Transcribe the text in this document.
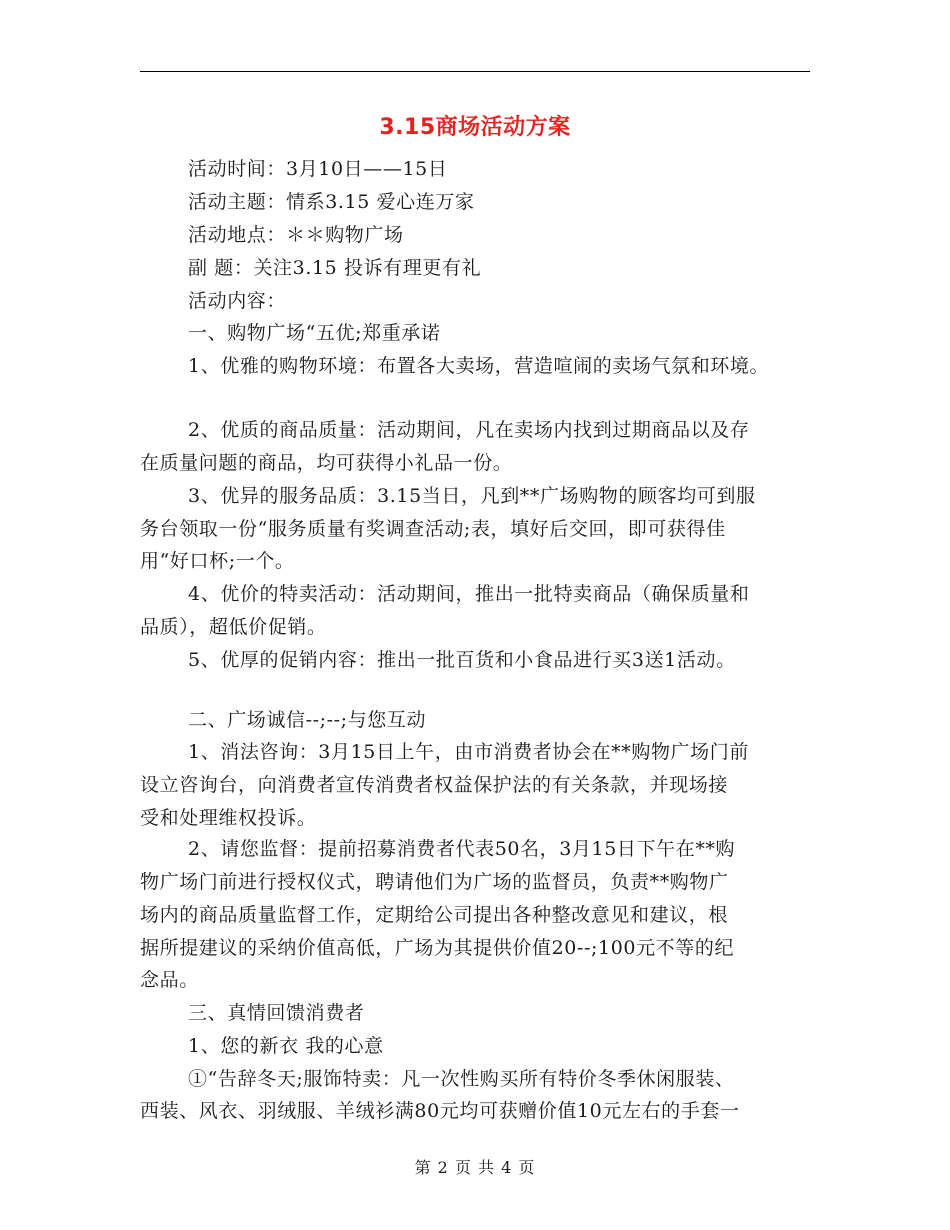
3.15商场活动方案
活动时间：3月10日——15日
活动主题：情系3.15 爱心连万家
活动地点：＊＊购物广场
副 题：关注3.15 投诉有理更有礼
活动内容：
一、购物广场“五优;郑重承诺
1、优雅的购物环境：布置各大卖场，营造喧闹的卖场气氛和环境。
2、优质的商品质量：活动期间，凡在卖场内找到过期商品以及存
在质量问题的商品，均可获得小礼品一份。
3、优异的服务品质：3.15当日，凡到**广场购物的顾客均可到服
务台领取一份“服务质量有奖调查活动;表，填好后交回，即可获得佳
用“好口杯;一个。
4、优价的特卖活动：活动期间，推出一批特卖商品（确保质量和
品质），超低价促销。
5、优厚的促销内容：推出一批百货和小食品进行买3送1活动。
二、广场诚信--;--;与您互动
1、消法咨询：3月15日上午，由市消费者协会在**购物广场门前
设立咨询台，向消费者宣传消费者权益保护法的有关条款，并现场接
受和处理维权投诉。
2、请您监督：提前招募消费者代表50名，3月15日下午在**购
物广场门前进行授权仪式，聘请他们为广场的监督员，负责**购物广
场内的商品质量监督工作，定期给公司提出各种整改意见和建议，根
据所提建议的采纳价值高低，广场为其提供价值20--;100元不等的纪
念品。
三、真情回馈消费者
1、您的新衣 我的心意
①“告辞冬天;服饰特卖：凡一次性购买所有特价冬季休闲服装、
西装、风衣、羽绒服、羊绒衫满80元均可获赠价值10元左右的手套一
第 2 页 共 4 页
